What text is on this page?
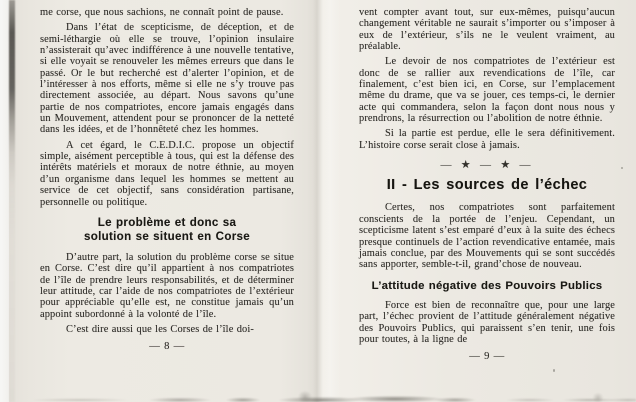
me corse, que nous sachions, ne connaît point de pause.

Dans l’état de scepticisme, de déception, et de semi-léthargie où elle se trouve, l’opinion insulaire n’assisterait qu’avec indifférence à une nouvelle tentative, si elle voyait se renouveler les mêmes erreurs que dans le passé. Or le but recherché est d’alerter l’opinion, et de l’intéresser à nos efforts, même si elle ne s’y trouve pas directement associée, au départ. Nous savons qu’une partie de nos compatriotes, encore jamais engagés dans un Mouvement, attendent pour se prononcer de la netteté dans les idées, et de l’honnêteté chez les hommes.

A cet égard, le C.E.D.I.C. propose un objectif simple, aisément perceptible à tous, qui est la défense des intérêts matériels et moraux de notre éthnie, au moyen d’un organisme dans lequel les hommes se mettent au service de cet objectif, sans considération partisane, personnelle ou politique.

Le problème et donc sa
solution se situent en Corse

D’autre part, la solution du problème corse se situe en Corse. C’est dire qu’il appartient à nos compatriotes de l’île de prendre leurs responsabilités, et de déterminer leur attitude, car l’aide de nos compatriotes de l’extérieur pour appréciable qu’elle est, ne constitue jamais qu’un appoint subordonné à la volonté de l’île.

C’est dire aussi que les Corses de l’île doi-

— 8 —

vent compter avant tout, sur eux-mêmes, puisqu’aucun changement véritable ne saurait s’importer ou s’imposer à eux de l’extérieur, s’ils ne le veulent vraiment, au préalable.

Le devoir de nos compatriotes de l’extérieur est donc de se rallier aux revendications de l’île, car finalement, c’est bien ici, en Corse, sur l’emplacement même du drame, que va se jouer, ces temps-ci, le dernier acte qui commandera, selon la façon dont nous nous y prendrons, la résurrection ou l’abolition de notre éthnie.

Si la partie est perdue, elle le sera définitivement. L’histoire corse serait close à jamais.

— ★ — ★ —
II - Les sources de l’échec

Certes, nos compatriotes sont parfaitement conscients de la portée de l’enjeu. Cependant, un scepticisme latent s’est emparé d’eux à la suite des échecs presque continuels de l’action revendicative entamée, mais jamais conclue, par des Mouvements qui se sont succédés sans apporter, semble-t-il, grand’chose de nouveau.

L’attitude négative des Pouvoirs Publics

Force est bien de reconnaître que, pour une large part, l’échec provient de l’attitude généralement négative des Pouvoirs Publics, qui paraissent s’en tenir, une fois pour toutes, à la ligne de

— 9 —
